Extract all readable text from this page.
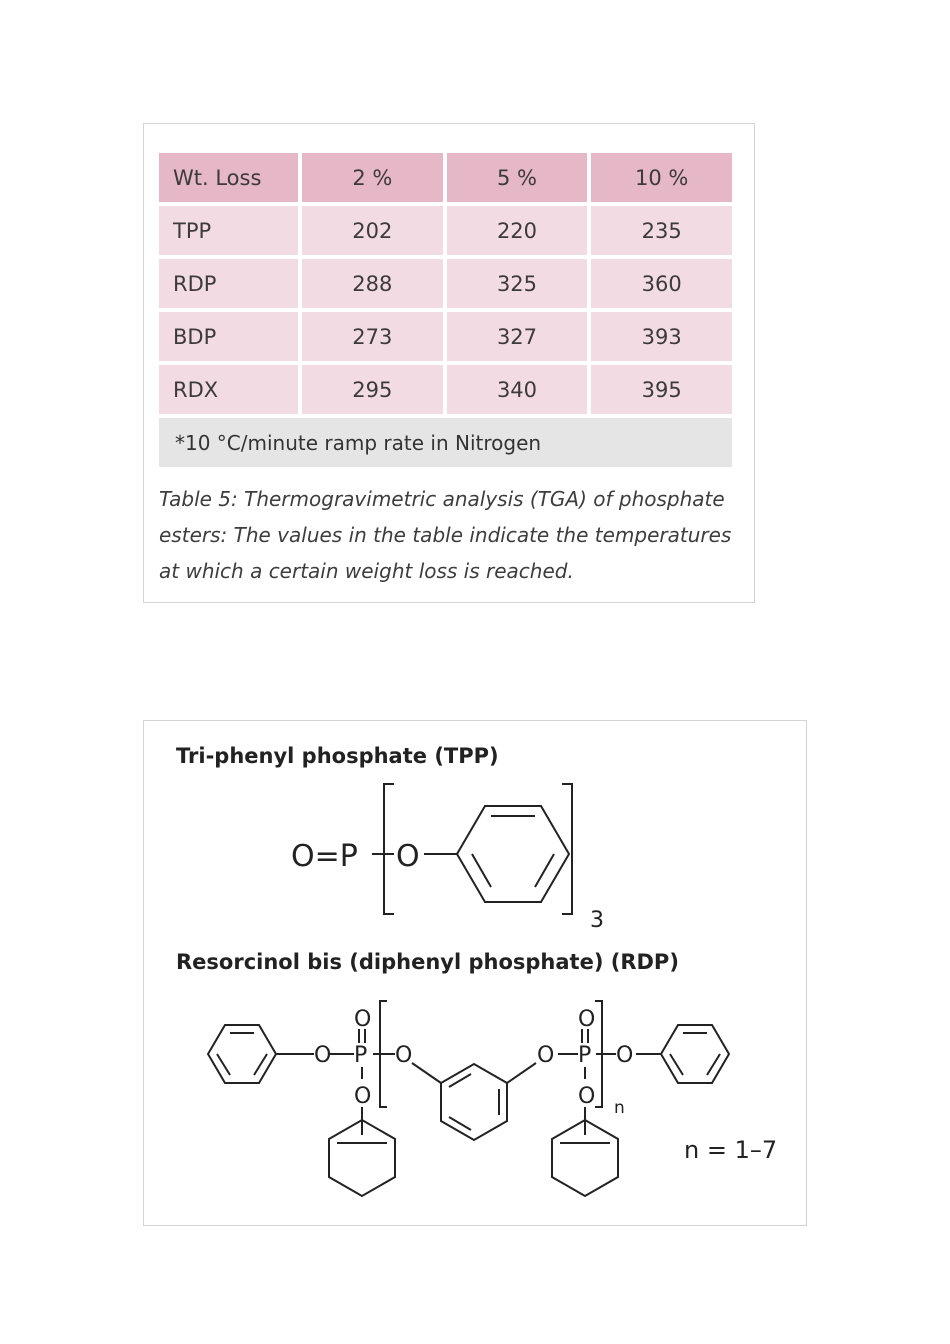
Wt. Loss	2 %	5 %	10 %
TPP	202	220	235
RDP	288	325	360
BDP	273	327	393
RDX	295	340	395
*10 °C/minute ramp rate in Nitrogen			
Table 5: Thermogravimetric analysis (TGA) of phosphate esters: The values in the table indicate the temperatures at which a certain weight loss is reached.
Tri-phenyl phosphate (TPP)
O=P O
3
Resorcinol bis (diphenyl phosphate) (RDP)
O
O P O
O
O
O P O
O n
n = 1–7
